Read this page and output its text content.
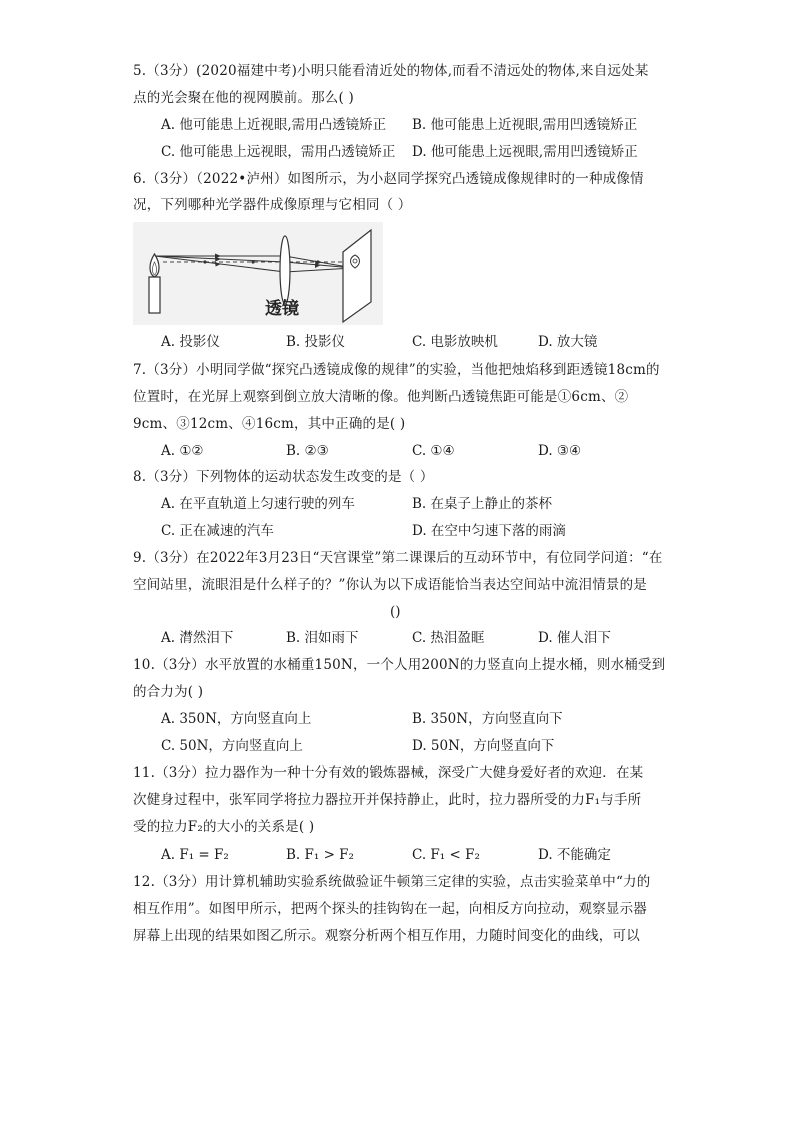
5.（3分）(2020福建中考)小明只能看清近处的物体,而看不清远处的物体,来自远处某
点的光会聚在他的视网膜前。那么( )
A. 他可能患上近视眼,需用凸透镜矫正 B. 他可能患上近视眼,需用凹透镜矫正
C. 他可能患上远视眼，需用凸透镜矫正 D. 他可能患上远视眼,需用凹透镜矫正
6.（3分）（2022•泸州）如图所示，为小赵同学探究凸透镜成像规律时的一种成像情
况，下列哪种光学器件成像原理与它相同（ ）
透镜
A. 投影仪	B. 投影仪	C. 电影放映机	D. 放大镜
7.（3分）小明同学做“探究凸透镜成像的规律”的实验，当他把烛焰移到距透镜18cm的
位置时，在光屏上观察到倒立放大清晰的像。他判断凸透镜焦距可能是①6cm、②
9cm、③12cm、④16cm，其中正确的是( )
A. ①②	B. ②③	C. ①④	D. ③④
8.（3分）下列物体的运动状态发生改变的是（ ）
A. 在平直轨道上匀速行驶的列车	B. 在桌子上静止的茶杯
C. 正在减速的汽车	D. 在空中匀速下落的雨滴
9.（3分）在2022年3月23日“天宫课堂”第二课课后的互动环节中，有位同学问道：“在
空间站里，流眼泪是什么样子的？”你认为以下成语能恰当表达空间站中流泪情景的是
()
A. 潸然泪下	B. 泪如雨下	C. 热泪盈眶	D. 催人泪下
10.（3分）水平放置的水桶重150N，一个人用200N的力竖直向上提水桶，则水桶受到
的合力为( )
A. 350N，方向竖直向上	B. 350N，方向竖直向下
C. 50N，方向竖直向上	D. 50N，方向竖直向下
11.（3分）拉力器作为一种十分有效的锻炼器械，深受广大健身爱好者的欢迎．在某
次健身过程中，张军同学将拉力器拉开并保持静止，此时，拉力器所受的力F₁与手所
受的拉力F₂的大小的关系是( )
A. F₁ = F₂	B. F₁ > F₂	C. F₁ < F₂	D. 不能确定
12.（3分）用计算机辅助实验系统做验证牛顿第三定律的实验，点击实验菜单中“力的
相互作用”。如图甲所示，把两个探头的挂钩钩在一起，向相反方向拉动，观察显示器
屏幕上出现的结果如图乙所示。观察分析两个相互作用，力随时间变化的曲线，可以
